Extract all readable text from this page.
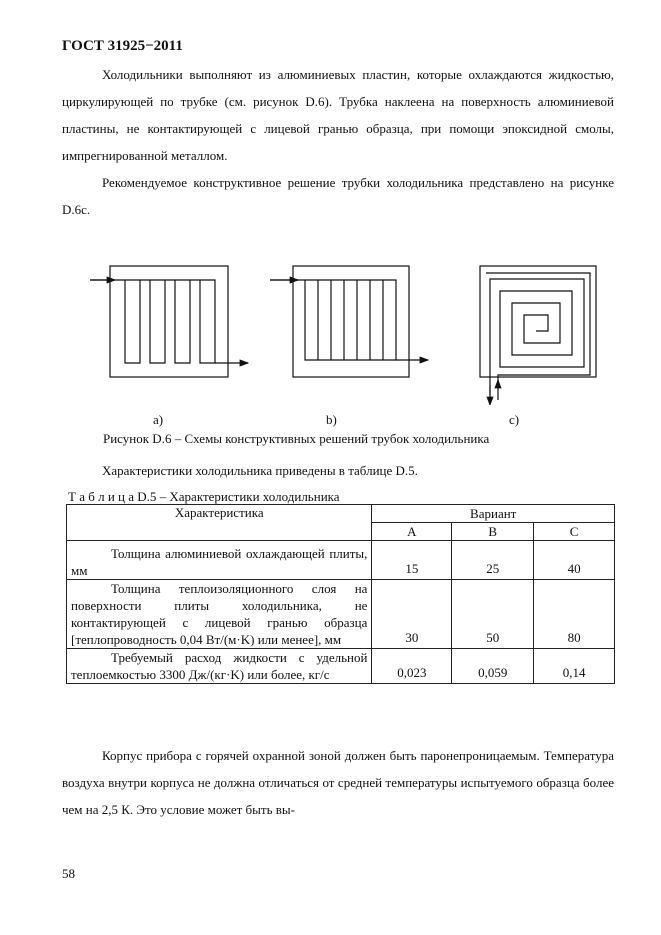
ГОСТ 31925−2011
Холодильники выполняют из алюминиевых пластин, которые охлаждаются жидкостью, циркулирующей по трубке (см. рисунок D.6). Трубка наклеена на поверхность алюминиевой пластины, не контактирующей с лицевой гранью образца, при помощи эпоксидной смолы, импрегнированной металлом.
Рекомендуемое конструктивное решение трубки холодильника представлено на рисунке D.6c.
a)	b)	c)
Рисунок D.6 – Схемы конструктивных решений трубок холодильника
Характеристики холодильника приведены в таблице D.5.
Т а б л и ц а D.5 – Характеристики холодильника
Характеристика	Вариант		
	A	B	C
Толщина алюминиевой охлаждающей плиты, мм	15	25	40
Толщина теплоизоляционного слоя на поверхности плиты холодильника, не контактирующей с лицевой гранью образца [теплопроводность 0,04 Вт/(м·K) или менее], мм	30	50	80
Требуемый расход жидкости с удельной теплоемкостью 3300 Дж/(кг·K) или более, кг/с	0,023	0,059	0,14
Корпус прибора с горячей охранной зоной должен быть паронепроницаемым. Температура воздуха внутри корпуса не должна отличаться от средней температуры испытуемого образца более чем на 2,5 К. Это условие может быть вы-
58
